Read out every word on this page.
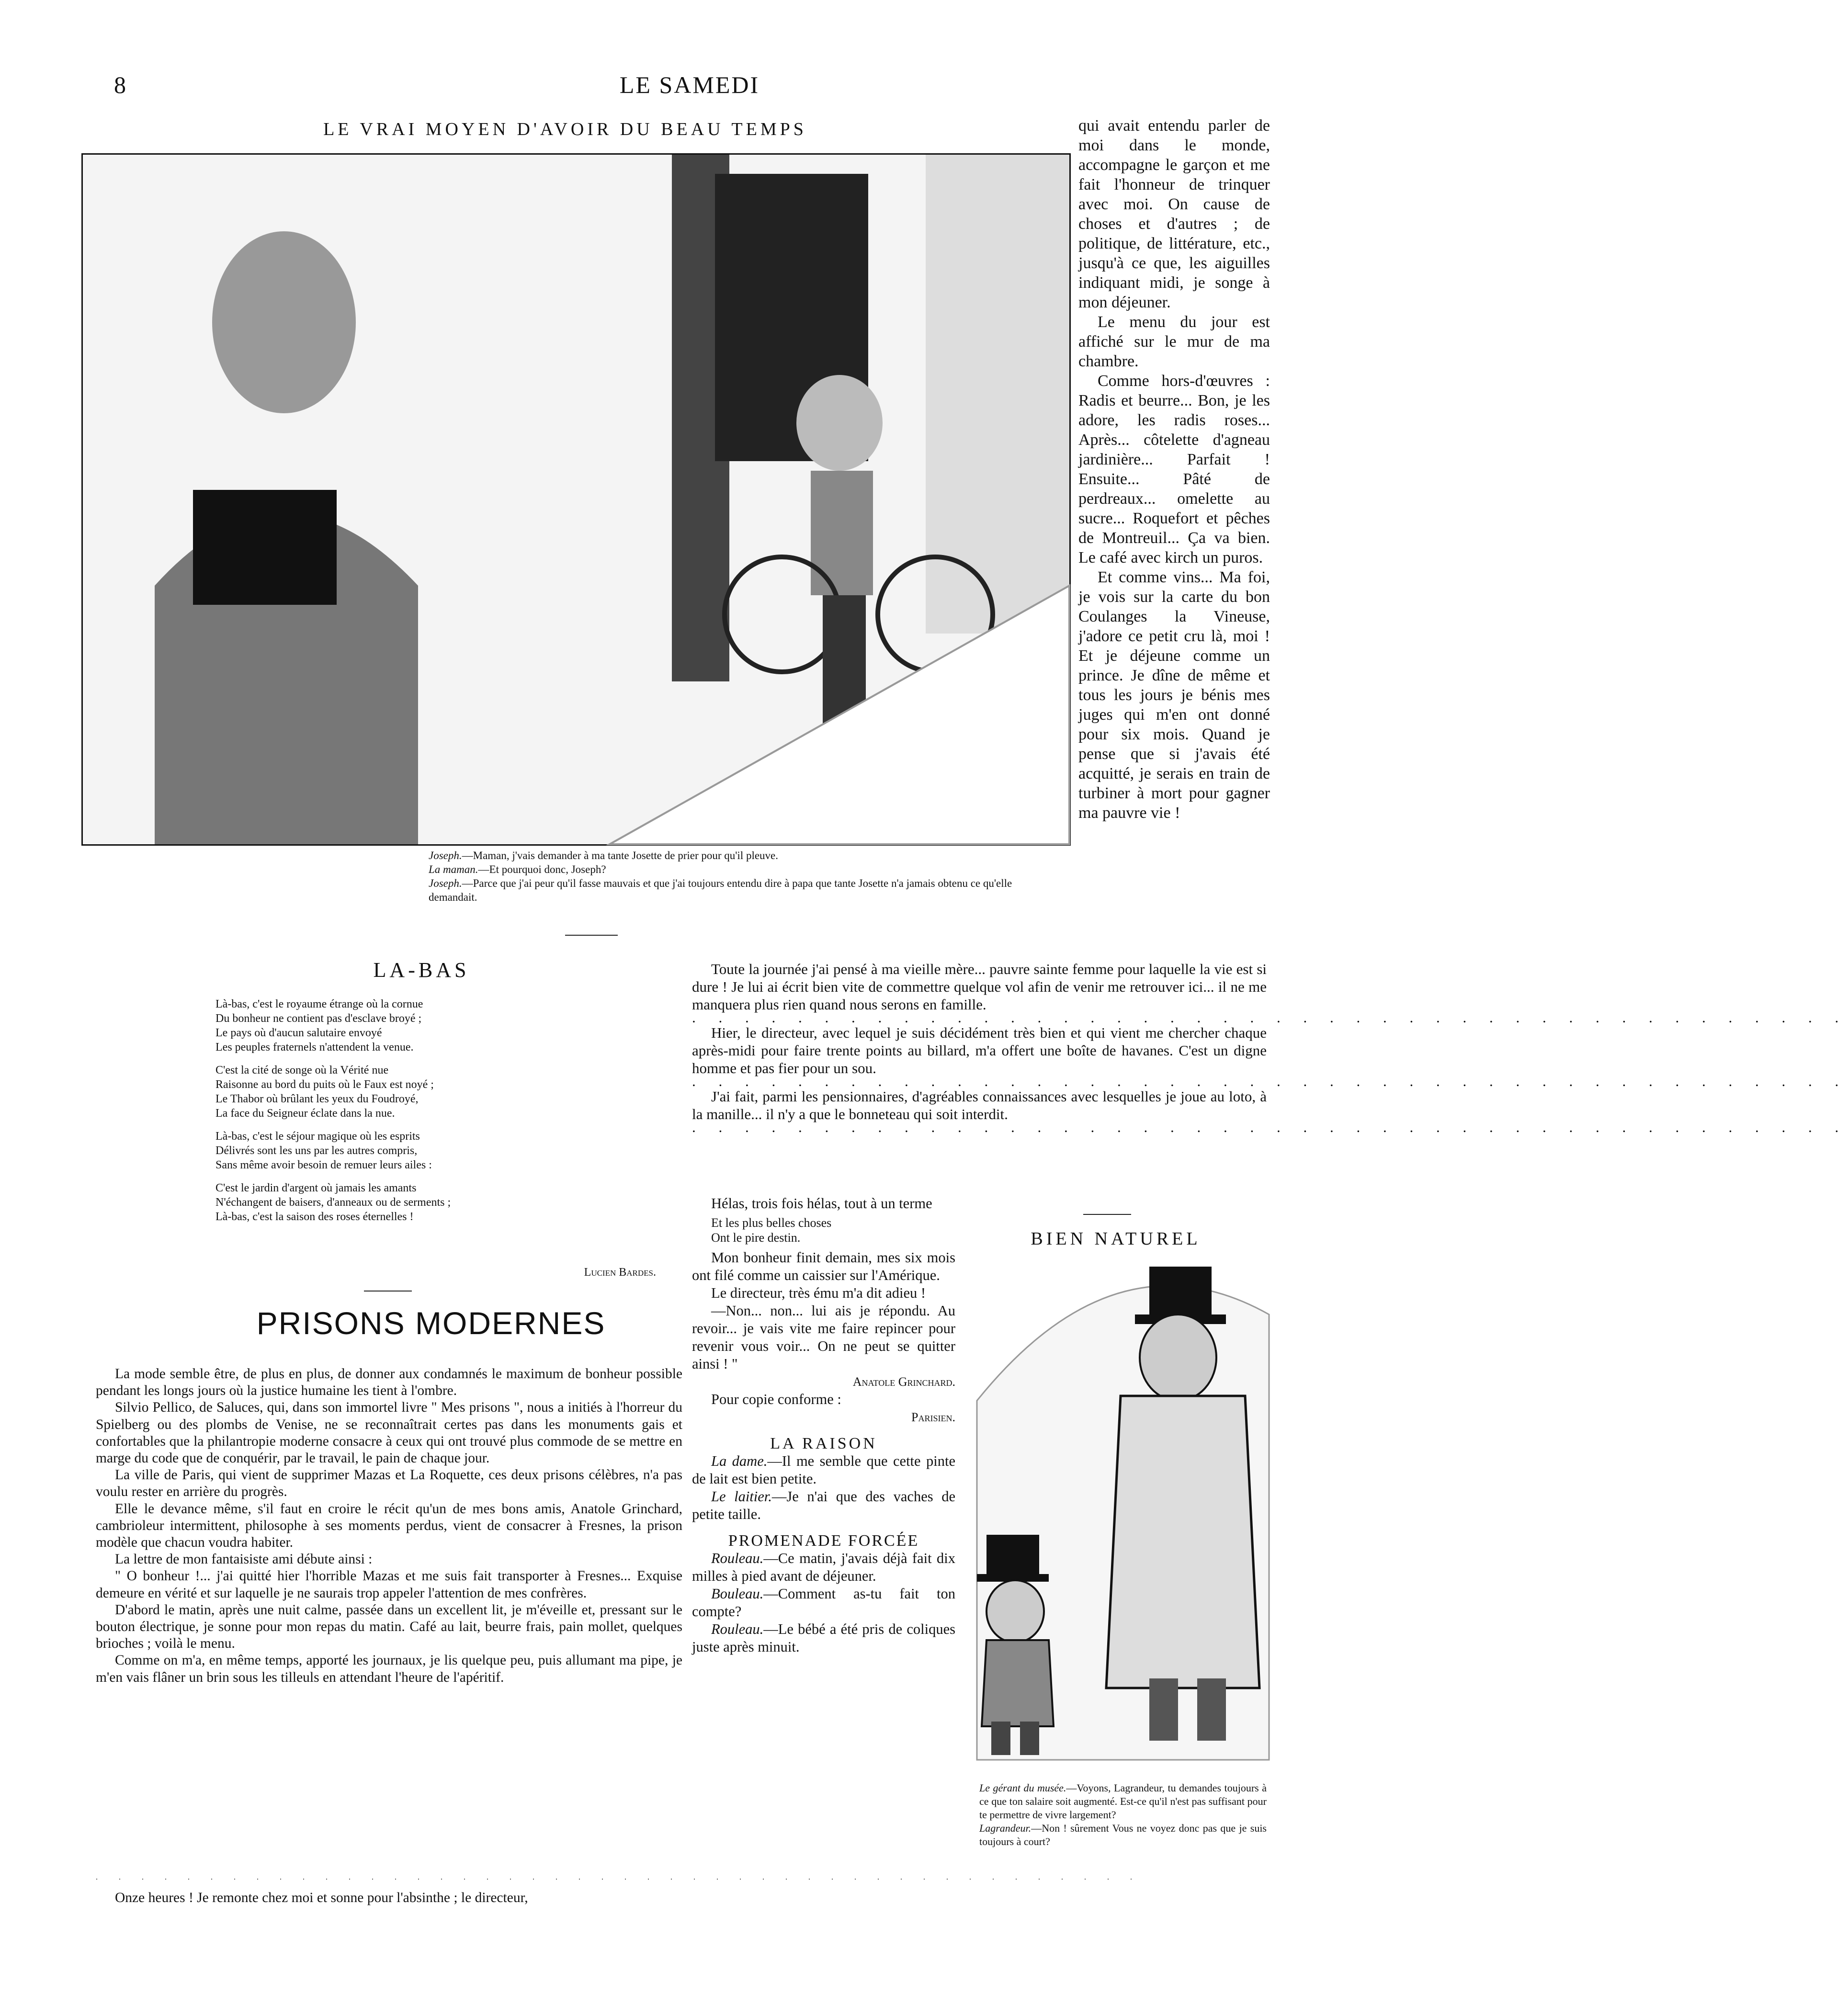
8	LE SAMEDI
LE VRAI MOYEN D'AVOIR DU BEAU TEMPS
Joseph.—Maman, j'vais demander à ma tante Josette de prier pour qu'il pleuve.
La maman.—Et pourquoi donc, Joseph?
Joseph.—Parce que j'ai peur qu'il fasse mauvais et que j'ai toujours entendu dire à papa que tante Josette n'a jamais obtenu ce qu'elle demandait.

qui avait entendu parler de moi dans le monde, accompagne le garçon et me fait l'honneur de trinquer avec moi. On cause de choses et d'autres ; de politique, de littérature, etc., jusqu'à ce que, les aiguilles indiquant midi, je songe à mon déjeuner.

Le menu du jour est affiché sur le mur de ma chambre.

Comme hors-d'œuvres : Radis et beurre... Bon, je les adore, les radis roses... Après... côtelette d'agneau jardinière... Parfait ! Ensuite... Pâté de perdreaux... omelette au sucre... Roquefort et pêches de Montreuil... Ça va bien. Le café avec kirch un puros.

Et comme vins... Ma foi, je vois sur la carte du bon Coulanges la Vineuse, j'adore ce petit cru là, moi ! Et je déjeune comme un prince. Je dîne de même et tous les jours je bénis mes juges qui m'en ont donné pour six mois. Quand je pense que si j'avais été acquitté, je serais en train de turbiner à mort pour gagner ma pauvre vie !

LA-BAS
Là-bas, c'est le royaume étrange où la cornue
Du bonheur ne contient pas d'esclave broyé ;
Le pays où d'aucun salutaire envoyé
Les peuples fraternels n'attendent la venue.
C'est la cité de songe où la Vérité nue
Raisonne au bord du puits où le Faux est noyé ;
Le Thabor où brûlant les yeux du Foudroyé,
La face du Seigneur éclate dans la nue.
Là-bas, c'est le séjour magique où les esprits
Délivrés sont les uns par les autres compris,
Sans même avoir besoin de remuer leurs ailes :
C'est le jardin d'argent où jamais les amants
N'échangent de baisers, d'anneaux ou de serments ;
Là-bas, c'est la saison des roses éternelles !
Lucien Bardes.
PRISONS MODERNES

La mode semble être, de plus en plus, de donner aux condamnés le maximum de bonheur possible pendant les longs jours où la justice humaine les tient à l'ombre.

Silvio Pellico, de Saluces, qui, dans son immortel livre " Mes prisons ", nous a initiés à l'horreur du Spielberg ou des plombs de Venise, ne se reconnaîtrait certes pas dans les monuments gais et confortables que la philantropie moderne consacre à ceux qui ont trouvé plus commode de se mettre en marge du code que de conquérir, par le travail, le pain de chaque jour.

La ville de Paris, qui vient de supprimer Mazas et La Roquette, ces deux prisons célèbres, n'a pas voulu rester en arrière du progrès.

Elle le devance même, s'il faut en croire le récit qu'un de mes bons amis, Anatole Grinchard, cambrioleur intermittent, philosophe à ses moments perdus, vient de consacrer à Fresnes, la prison modèle que chacun voudra habiter.

La lettre de mon fantaisiste ami débute ainsi :

" O bonheur !... j'ai quitté hier l'horrible Mazas et me suis fait transporter à Fresnes... Exquise demeure en vérité et sur laquelle je ne saurais trop appeler l'attention de mes confrères.

D'abord le matin, après une nuit calme, passée dans un excellent lit, je m'éveille et, pressant sur le bouton électrique, je sonne pour mon repas du matin. Café au lait, beurre frais, pain mollet, quelques brioches ; voilà le menu.

Comme on m'a, en même temps, apporté les journaux, je lis quelque peu, puis allumant ma pipe, je m'en vais flâner un brin sous les tilleuls en attendant l'heure de l'apéritif.

. . . . . . . . . . . . . . . . . . . . . . . . . . . . . . . . . . . . . . . . . . . . . .

Onze heures ! Je remonte chez moi et sonne pour l'absinthe ; le directeur,

Toute la journée j'ai pensé à ma vieille mère... pauvre sainte femme pour laquelle la vie est si dure ! Je lui ai écrit bien vite de commettre quelque vol afin de venir me retrouver ici... il ne me manquera plus rien quand nous serons en famille.

. . . . . . . . . . . . . . . . . . . . . . . . . . . . . . . . . . . . . . . . . . . .

Hier, le directeur, avec lequel je suis décidément très bien et qui vient me chercher chaque après-midi pour faire trente points au billard, m'a offert une boîte de havanes. C'est un digne homme et pas fier pour un sou.

. . . . . . . . . . . . . . . . . . . . . . . . . . . . . . . . . . . . . . . . . . . .

J'ai fait, parmi les pensionnaires, d'agréables connaissances avec lesquelles je joue au loto, à la manille... il n'y a que le bonneteau qui soit interdit.

. . . . . . . . . . . . . . . . . . . . . . . . . . . . . . . . . . . . . . . . . . . .

Hélas, trois fois hélas, tout à un terme

Et les plus belles choses
Ont le pire destin.

Mon bonheur finit demain, mes six mois ont filé comme un caissier sur l'Amérique.

Le directeur, très ému m'a dit adieu !

—Non... non... lui ais je répondu. Au revoir... je vais vite me faire repincer pour revenir vous voir... On ne peut se quitter ainsi ! "

Anatole Grinchard.

Pour copie conforme :

Parisien.
LA RAISON

La dame.—Il me semble que cette pinte de lait est bien petite.

Le laitier.—Je n'ai que des vaches de petite taille.

PROMENADE FORCÉE

Rouleau.—Ce matin, j'avais déjà fait dix milles à pied avant de déjeuner.

Bouleau.—Comment as-tu fait ton compte?

Rouleau.—Le bébé a été pris de coliques juste après minuit.

BIEN NATUREL
Le gérant du musée.—Voyons, Lagrandeur, tu demandes toujours à ce que ton salaire soit augmenté. Est-ce qu'il n'est pas suffisant pour te permettre de vivre largement?
Lagrandeur.—Non ! sûrement Vous ne voyez donc pas que je suis toujours à court?
